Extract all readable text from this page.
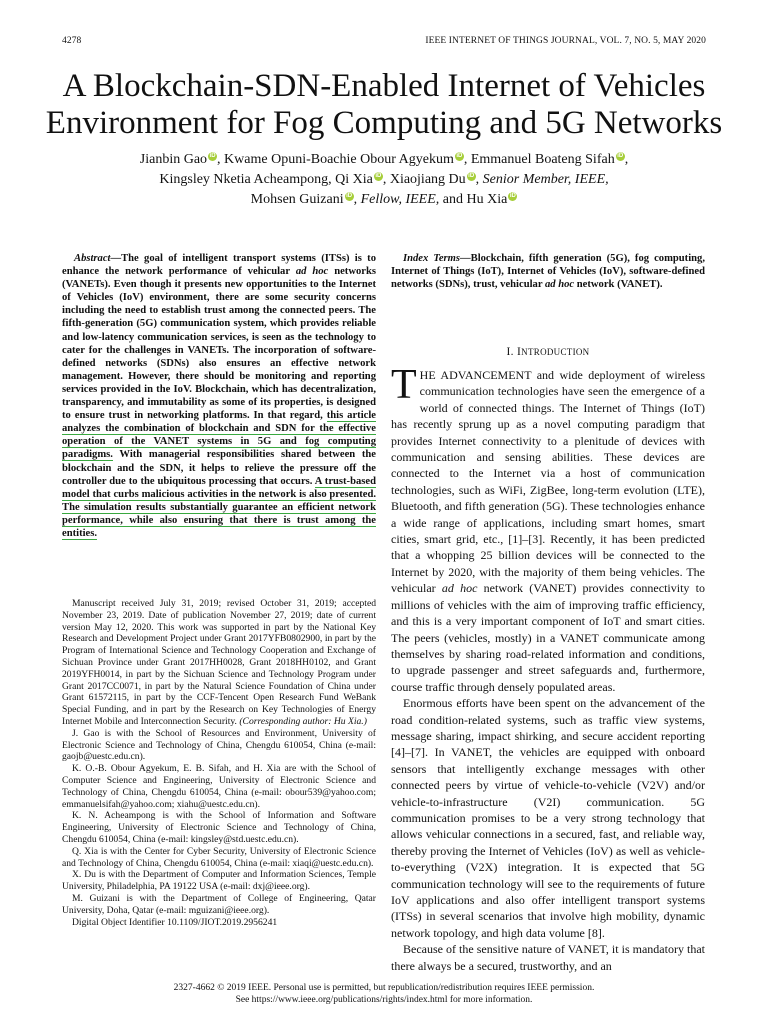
4278	IEEE INTERNET OF THINGS JOURNAL, VOL. 7, NO. 5, MAY 2020
A Blockchain-SDN-Enabled Internet of Vehicles Environment for Fog Computing and 5G Networks
Jianbin Gao iD , Kwame Opuni-Boachie Obour Agyekum iD , Emmanuel Boateng Sifah iD ,
Kingsley Nketia Acheampong, Qi Xia iD , Xiaojiang Du iD , Senior Member, IEEE,
Mohsen Guizani iD , Fellow, IEEE, and Hu Xia iD

Abstract—The goal of intelligent transport systems (ITSs) is to enhance the network performance of vehicular ad hoc networks (VANETs). Even though it presents new opportunities to the Internet of Vehicles (IoV) environment, there are some security concerns including the need to establish trust among the connected peers. The fifth-generation (5G) communication system, which provides reliable and low-latency communication services, is seen as the technology to cater for the challenges in VANETs. The incorporation of software-defined networks (SDNs) also ensures an effective network management. However, there should be monitoring and reporting services provided in the IoV. Blockchain, which has decentralization, transparency, and immutability as some of its properties, is designed to ensure trust in networking platforms. In that regard, this article analyzes the combination of blockchain and SDN for the effective operation of the VANET systems in 5G and fog computing paradigms. With managerial responsibilities shared between the blockchain and the SDN, it helps to relieve the pressure off the controller due to the ubiquitous processing that occurs. A trust-based model that curbs malicious activities in the network is also presented. The simulation results substantially guarantee an efficient network performance, while also ensuring that there is trust among the entities.

Index Terms—Blockchain, fifth generation (5G), fog computing, Internet of Things (IoT), Internet of Vehicles (IoV), software-defined networks (SDNs), trust, vehicular ad hoc network (VANET).

I. INTRODUCTION

THE ADVANCEMENT and wide deployment of wireless communication technologies have seen the emergence of a world of connected things. The Internet of Things (IoT) has recently sprung up as a novel computing paradigm that provides Internet connectivity to a plenitude of devices with communication and sensing abilities. These devices are connected to the Internet via a host of communication technologies, such as WiFi, ZigBee, long-term evolution (LTE), Bluetooth, and fifth generation (5G). These technologies enhance a wide range of applications, including smart homes, smart cities, smart grid, etc., [1]–[3]. Recently, it has been predicted that a whopping 25 billion devices will be connected to the Internet by 2020, with the majority of them being vehicles. The vehicular ad hoc network (VANET) provides connectivity to millions of vehicles with the aim of improving traffic efficiency, and this is a very important component of IoT and smart cities. The peers (vehicles, mostly) in a VANET communicate among themselves by sharing road-related information and conditions, to upgrade passenger and street safeguards and, furthermore, course traffic through densely populated areas.

Enormous efforts have been spent on the advancement of the road condition-related systems, such as traffic view systems, message sharing, impact shirking, and secure accident reporting [4]–[7]. In VANET, the vehicles are equipped with onboard sensors that intelligently exchange messages with other connected peers by virtue of vehicle-to-vehicle (V2V) and/or vehicle-to-infrastructure (V2I) communication. 5G communication promises to be a very strong technology that allows vehicular connections in a secured, fast, and reliable way, thereby proving the Internet of Vehicles (IoV) as well as vehicle-to-everything (V2X) integration. It is expected that 5G communication technology will see to the requirements of future IoV applications and also offer intelligent transport systems (ITSs) in several scenarios that involve high mobility, dynamic network topology, and high data volume [8].

Because of the sensitive nature of VANET, it is mandatory that there always be a secured, trustworthy, and an

Manuscript received July 31, 2019; revised October 31, 2019; accepted November 23, 2019. Date of publication November 27, 2019; date of current version May 12, 2020. This work was supported in part by the National Key Research and Development Project under Grant 2017YFB0802900, in part by the Program of International Science and Technology Cooperation and Exchange of Sichuan Province under Grant 2017HH0028, Grant 2018HH0102, and Grant 2019YFH0014, in part by the Sichuan Science and Technology Program under Grant 2017CC0071, in part by the Natural Science Foundation of China under Grant 61572115, in part by the CCF-Tencent Open Research Fund WeBank Special Funding, and in part by the Research on Key Technologies of Energy Internet Mobile and Interconnection Security. (Corresponding author: Hu Xia.)

J. Gao is with the School of Resources and Environment, University of Electronic Science and Technology of China, Chengdu 610054, China (e-mail: gaojb@uestc.edu.cn).

K. O.-B. Obour Agyekum, E. B. Sifah, and H. Xia are with the School of Computer Science and Engineering, University of Electronic Science and Technology of China, Chengdu 610054, China (e-mail: obour539@yahoo.com; emmanuelsifah@yahoo.com; xiahu@uestc.edu.cn).

K. N. Acheampong is with the School of Information and Software Engineering, University of Electronic Science and Technology of China, Chengdu 610054, China (e-mail: kingsley@std.uestc.edu.cn).

Q. Xia is with the Center for Cyber Security, University of Electronic Science and Technology of China, Chengdu 610054, China (e-mail: xiaqi@uestc.edu.cn).

X. Du is with the Department of Computer and Information Sciences, Temple University, Philadelphia, PA 19122 USA (e-mail: dxj@ieee.org).

M. Guizani is with the Department of College of Engineering, Qatar University, Doha, Qatar (e-mail: mguizani@ieee.org).

Digital Object Identifier 10.1109/JIOT.2019.2956241

2327-4662 © 2019 IEEE. Personal use is permitted, but republication/redistribution requires IEEE permission.
See https://www.ieee.org/publications/rights/index.html for more information.
